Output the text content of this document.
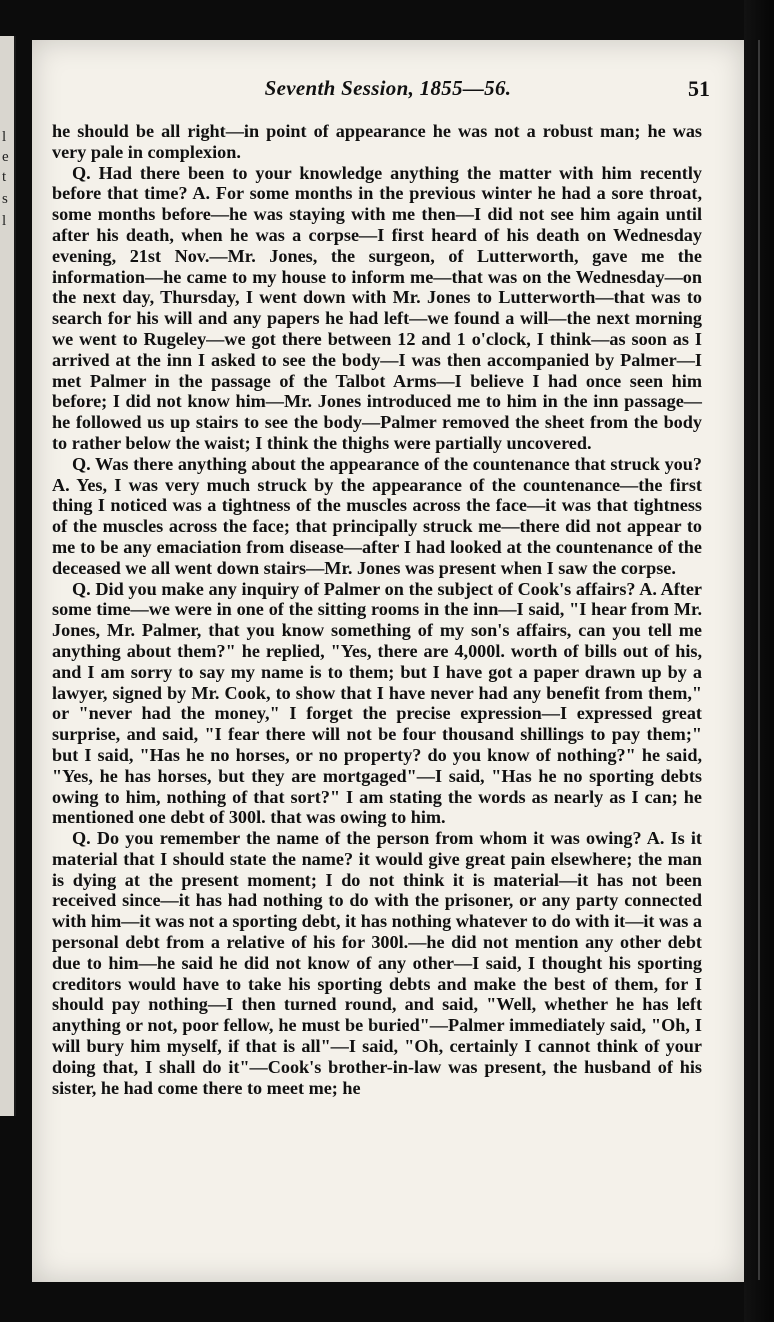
l
e
t
s
l
Seventh Session, 1855—56.	51

he should be all right—in point of appearance he was not a robust man; he was very pale in complexion.

Q. Had there been to your knowledge anything the matter with him recently before that time? A. For some months in the previous winter he had a sore throat, some months before—he was staying with me then—I did not see him again until after his death, when he was a corpse—I first heard of his death on Wednesday evening, 21st Nov.—Mr. Jones, the surgeon, of Lutterworth, gave me the information—he came to my house to inform me—that was on the Wednesday—on the next day, Thursday, I went down with Mr. Jones to Lutterworth—that was to search for his will and any papers he had left—we found a will—the next morning we went to Rugeley—we got there between 12 and 1 o'clock, I think—as soon as I arrived at the inn I asked to see the body—I was then accompanied by Palmer—I met Palmer in the passage of the Talbot Arms—I believe I had once seen him before; I did not know him—Mr. Jones introduced me to him in the inn passage—he followed us up stairs to see the body—Palmer removed the sheet from the body to rather below the waist; I think the thighs were partially uncovered.

Q. Was there anything about the appearance of the countenance that struck you? A. Yes, I was very much struck by the appearance of the countenance—the first thing I noticed was a tightness of the muscles across the face—it was that tightness of the muscles across the face; that principally struck me—there did not appear to me to be any emaciation from disease—after I had looked at the countenance of the deceased we all went down stairs—Mr. Jones was present when I saw the corpse.

Q. Did you make any inquiry of Palmer on the subject of Cook's affairs? A. After some time—we were in one of the sitting rooms in the inn—I said, "I hear from Mr. Jones, Mr. Palmer, that you know something of my son's affairs, can you tell me anything about them?" he replied, "Yes, there are 4,000l. worth of bills out of his, and I am sorry to say my name is to them; but I have got a paper drawn up by a lawyer, signed by Mr. Cook, to show that I have never had any benefit from them," or "never had the money," I forget the precise expression—I expressed great surprise, and said, "I fear there will not be four thousand shillings to pay them;" but I said, "Has he no horses, or no property? do you know of nothing?" he said, "Yes, he has horses, but they are mortgaged"—I said, "Has he no sporting debts owing to him, nothing of that sort?" I am stating the words as nearly as I can; he mentioned one debt of 300l. that was owing to him.

Q. Do you remember the name of the person from whom it was owing? A. Is it material that I should state the name? it would give great pain elsewhere; the man is dying at the present moment; I do not think it is material—it has not been received since—it has had nothing to do with the prisoner, or any party connected with him—it was not a sporting debt, it has nothing whatever to do with it—it was a personal debt from a relative of his for 300l.—he did not mention any other debt due to him—he said he did not know of any other—I said, I thought his sporting creditors would have to take his sporting debts and make the best of them, for I should pay nothing—I then turned round, and said, "Well, whether he has left anything or not, poor fellow, he must be buried"—Palmer immediately said, "Oh, I will bury him myself, if that is all"—I said, "Oh, certainly I cannot think of your doing that, I shall do it"—Cook's brother-in-law was present, the husband of his sister, he had come there to meet me; he
